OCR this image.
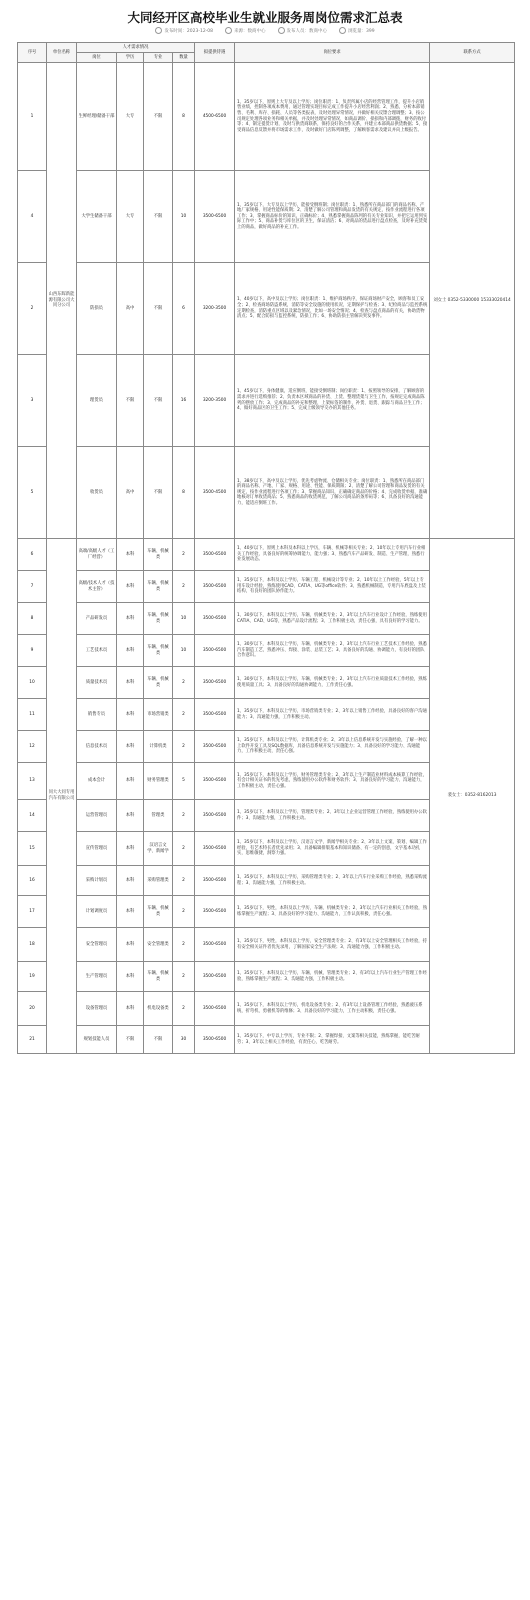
大同经开区高校毕业生就业服务周岗位需求汇总表
发布时间：2023-12-08	来源：数商中心	发布人员：数商中心	浏览量：399
序号	单位名称	人才需求情况				拟提供待遇	岗位要求	联系方式
		岗位	学历	专业	数量			
1	山西东晖新能源有限公司大同分公司	生鲜经理/储备干部	大专	不限	8	4500-6500	1、35岁以下，原则上大专及以上学历；岗位职责：1、负责所属小店的经营管理工作，提升小店销售业绩，控制各项成本费用，通过管理实现目标完成工作提升小店经营利润；2、熟悉，分析本部销售、毛利、库存、损耗、人员等各类报表，及时处理异常情况，并做好相关反馈合理调整；3、按公司规定处理各项业务和相关单据，并及时处理异常情况，如商品调价、损损和内部调拨，财务的收付等；4、制定提货计划，及时与供货商联系，保持良好的合作关系，并建立本部商品供货数据；5、接受商品信息反馈并将市场需求工作，及时做好门店陈列调整，了解顾客需求及建议并向上级报告。	刘女士 0352-5330000 15333020414
4		大学生储备干部	大专	不限	10	3500-6500	1、35岁以下，大专及以上学历，能接受倒班制；岗位职责：1、熟悉所在商品部门的商品名称，产地厂家规格，用途性能保质期；2、清楚了解公司管理和商品发货的有关规定，按作业流程进行各项工作；3、掌握商品标价的知识，正确标价；4、熟悉掌握商品陈列的有关专业知识，并把它运用到实际工作中；5、商品补货与库位区的卫生，保证清洁；6、对商品的货品进行盘点检查，及时补充货架上的商品，做好商品的补充工作。	
2		防损员	高中	不限	6	3200-3500	1、40岁以下，高中及以上学历；岗位职责：1、维护商场秩序，保证商场财产安全，顾客和员工安全；2、检查商场防盗系统，消防等安全设施的使用状况，定期保护与检查；3、纪检商品与监控系统定期检查，消防重点区域以及紧急情况，比如一场安全情况；4、检查与盘点商品的有关，协助货物清点；5、配合防损与监控系统，防损工作；6、协助防损主管解决突发事件。	
3		理货员	不限	不限	16	3200-3500	1、45岁以下，身体健康，适应倒班，能接受倒班制；岗位职责：1、按照领导的安排，了解顾客的需求并进行选购推荐；2、负责本区域商品的补货、上货、整理货架与卫生工作，按规定完成商品陈列的摆放工作；3、完成商品的补充和整理，上架标签的制作，补货、退货、跟踪与商品卫生工作；4、做好商品区的卫生工作；5、完成上级领导交办的其他任务。	
5		收货员	高中	不限	8	3500-4500	1、38岁以下，高中及以上学历，优先考虑物流、仓储相关专业；岗位职责：1、熟悉所在商品部门的商品名称、产地、厂家、规格、用途、性能、保质期限；2、清楚了解公司管理和商品发货的有关规定，按作业流程进行各项工作；3、掌握商品知识，正确确定商品的价格；4、完成收货单据，准确地核对订单收货商品；5、熟悉商品的收货规范，了解公司商品的条形码等；6、具备良好的沟通能力，能适应倒班工作。	
6	同大大同专用汽车有限公司	高端/高级人才（工厂经营）	本科	车辆、机械类	2	3500-6500	1、40岁以下，原则上本科及本科以上学历，车辆、机械等相关专业；2、10年以上专用汽车行业相关工作经验，具备良好的统筹协调能力，能力强；3、熟悉汽车产品研发、制造、生产管理，熟悉行业发展动态。	裴女士：0352-8162013
7		高级/技术人才（技术主管）	本科	车辆、机械类	2	3500-6500	1、35岁以下，本科及以上学历，车辆工程、机械设计等专业；2、10年以上工作经验，5年以上专用车设计经验，熟练使用CAD、CATIA、UG等office软件；3、熟悉机械制造，专用汽车底盘及上装结构，有良好的团队协作能力。	
8		产品研发员	本科	车辆、机械类	10	3500-6500	1、30岁以下，本科及以上学历，车辆、机械类专业；2、3年以上汽车行业设计工作经验，熟练使用CATIA、CAD、UG等，熟悉产品设计流程；3、工作积极主动，责任心强，具有良好的学习能力。	
9		工艺技术员	本科	车辆、机械类	10	3500-6500	1、30岁以下，本科及以上学历，车辆、机械类专业；2、3年以上汽车行业工艺技术工作经验，熟悉汽车制造工艺，熟悉冲压、焊接、涂装、总装工艺；3、具备良好的沟通、协调能力，有良好的团队合作意识。	
10		质量技术员	本科	车辆、机械类	2	3500-6500	1、30岁以下，本科及以上学历，车辆、机械类专业；2、3年以上汽车行业质量技术工作经验，熟练使用质量工具；3、具备良好的沟通协调能力，工作责任心强。	
11		销售专员	本科	市场营销类	2	3500-6500	1、35岁以下，本科及以上学历，市场营销类专业；2、3年以上销售工作经验，具备良好的客户沟通能力；3、沟通能力强，工作积极主动。	
12		信息技术员	本科	计算机类	2	3500-6500	1、35岁以下，本科及以上学历，计算机类专业；2、3年以上信息系统开发与实施经验，了解一种以上软件开发工具及SQL数据库，具备信息系统开发与实施能力；3、具备良好的学习能力、沟通能力，工作积极主动，责任心强。	
13		成本会计	本科	财务管理类	5	3500-6500	1、35岁以下，本科及以上学历，财务管理类专业；2、3年以上生产制造业材料成本核算工作经验，有会计相关证书的优先考虑，熟练使用办公软件和财务软件；3、具备良好的学习能力、沟通能力，工作积极主动，责任心强。	
14		运营管理员	本科	管理类	2	3500-6500	1、35岁以下，本科及以上学历，管理类专业；2、3年以上企业运营管理工作经验，熟练使用办公软件；3、沟通能力强，工作积极主动。	
15		宣传管理员	本科	汉语言文学、新闻学	2	3500-6500	1、35岁以下，本科及以上学历，汉语言文学、新闻学相关专业；2、3年以上文案、策划、编辑工作经验，有艺术特长者优先录用；3、具备编辑排版基本和知识储备、有一定的创意，文字基本功扎实，思维敏捷，洞察力强。	
16		采购计划员	本科	采购管理类	2	3500-6500	1、35岁以下，本科及以上学历，采购管理类专业；2、3年以上汽车行业采购工作经验，熟悉采购流程；3、沟通能力强，工作积极主动。	
17		计划调度员	本科	车辆、机械类	2	3500-6500	1、35岁以下，男性，本科及以上学历，车辆、机械类专业；2、3年以上汽车行业相关工作经验，熟练掌握生产流程；3、具备良好的学习能力、沟通能力，工作认真积极，责任心强。	
18		安全管理员	本科	安全管理类	2	3500-6500	1、35岁以下，男性，本科及以上学历，安全管理类专业；2、有3年以上安全管理相关工作经验，持有安全相关证件者优先录用，了解国家安全生产法规；3、沟通能力强，工作积极主动。	
19		生产管理员	本科	车辆、机械类	2	3500-6500	1、35岁以下，本科及以上学历，车辆、机械、管理类专业；2、有3年以上汽车行业生产管理工作经验，熟练掌握生产流程；3、沟通能力强，工作积极主动。	
20		设备管理员	本科	机电设备类	2	3500-6500	1、35岁以下，本科及以上学历，机电设备类专业；2、有3年以上设备管理工作经验，熟悉液压系统，折弯机、剪板机等的维修；3、具备良好的学习能力，工作主动积极，责任心强。	
21		规划技能人员	不限	不限	30	3500-6500	1、35岁以下，中专以上学历，专业不限；2、掌握焊接、文案等相关技能，熟练掌握，能吃苦耐劳；3、3年以上相关工作经验，有责任心，吃苦耐劳。	
